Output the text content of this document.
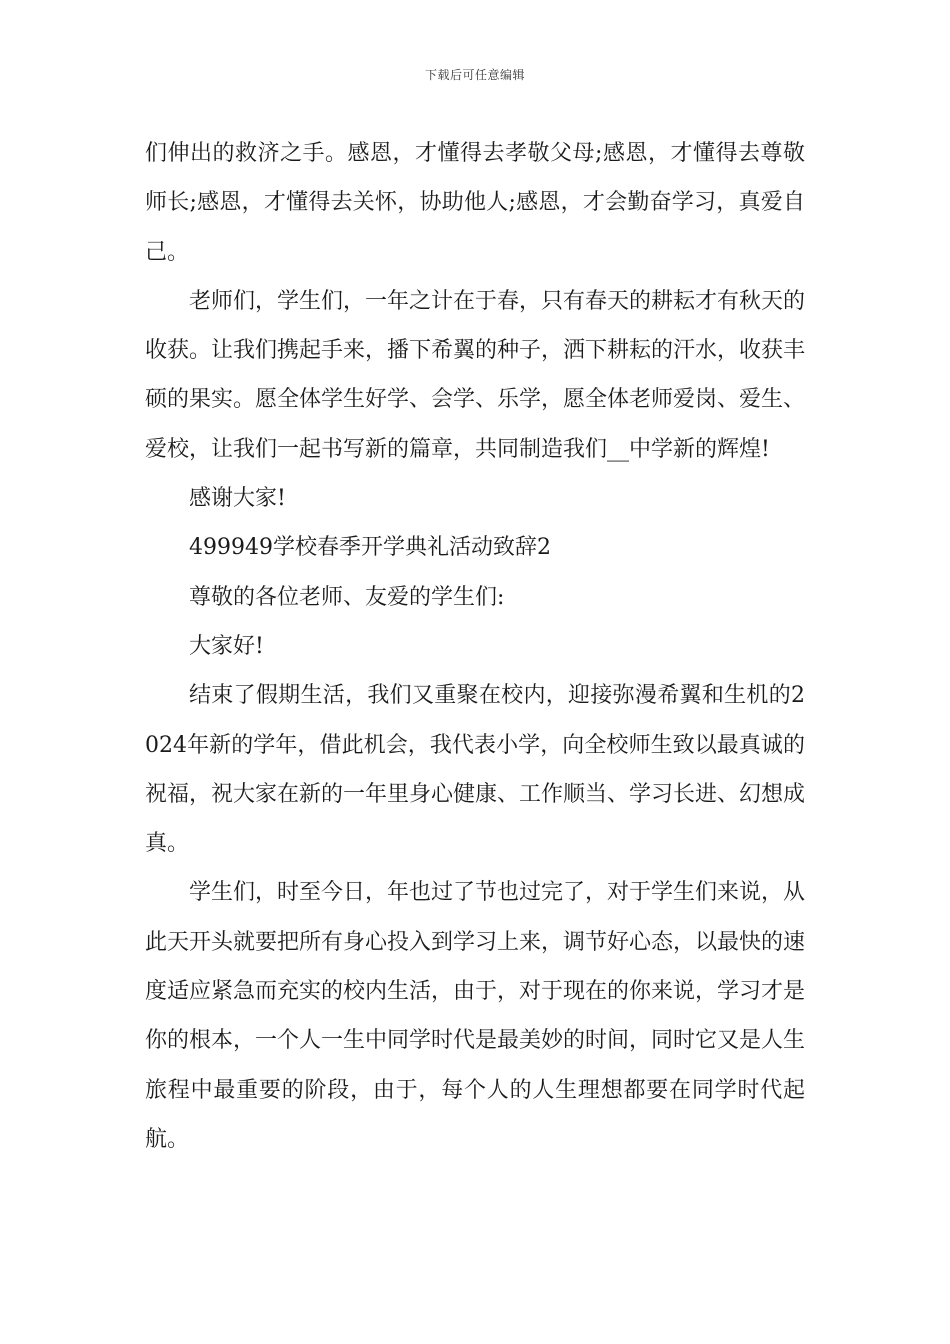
下载后可任意编辑

们伸出的救济之手。感恩，才懂得去孝敬父母;感恩，才懂得去尊敬师长;感恩，才懂得去关怀，协助他人;感恩，才会勤奋学习，真爱自己。

老师们，学生们，一年之计在于春，只有春天的耕耘才有秋天的收获。让我们携起手来，播下希翼的种子，洒下耕耘的汗水，收获丰硕的果实。愿全体学生好学、会学、乐学，愿全体老师爱岗、爱生、爱校，让我们一起书写新的篇章，共同制造我们__中学新的辉煌!

感谢大家!

499949学校春季开学典礼活动致辞2

尊敬的各位老师、友爱的学生们:

大家好!

结束了假期生活，我们又重聚在校内，迎接弥漫希翼和生机的2024年新的学年，借此机会，我代表小学，向全校师生致以最真诚的祝福，祝大家在新的一年里身心健康、工作顺当、学习长进、幻想成真。

学生们，时至今日，年也过了节也过完了，对于学生们来说，从此天开头就要把所有身心投入到学习上来，调节好心态，以最快的速度适应紧急而充实的校内生活，由于，对于现在的你来说，学习才是你的根本，一个人一生中同学时代是最美妙的时间，同时它又是人生旅程中最重要的阶段，由于，每个人的人生理想都要在同学时代起航。
